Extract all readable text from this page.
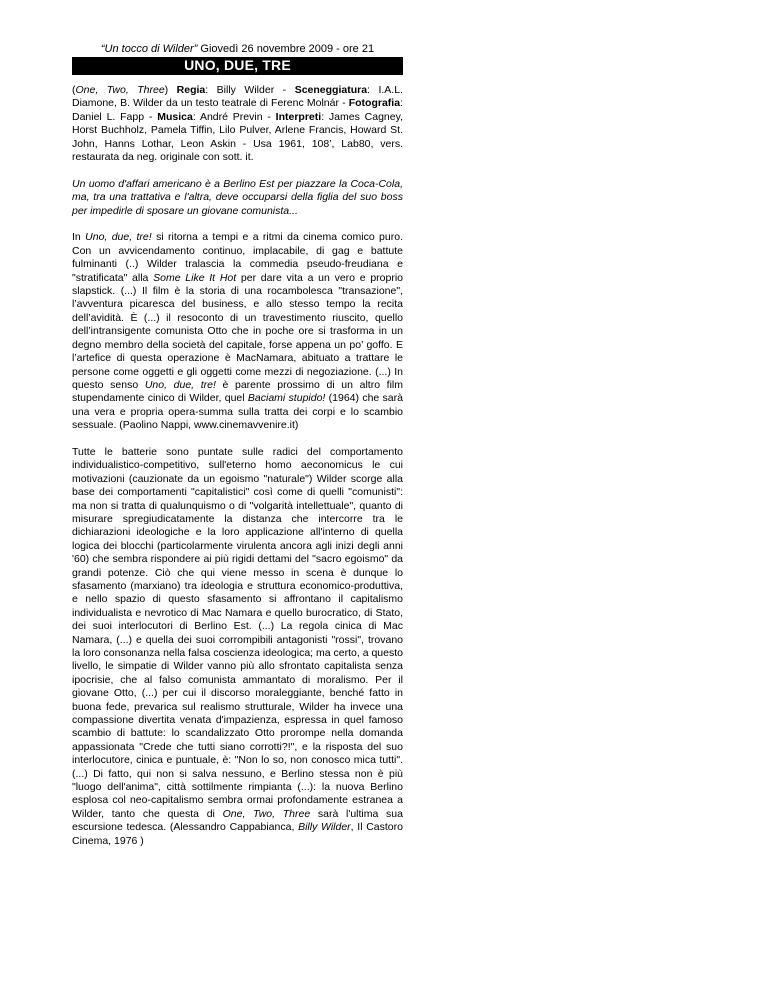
“Un tocco di Wilder” Giovedì 26 novembre 2009 - ore 21
UNO, DUE, TRE

(One, Two, Three) Regia: Billy Wilder - Sceneggiatura: I.A.L. Diamone, B. Wilder da un testo teatrale di Ferenc Molnár - Fotografia: Daniel L. Fapp - Musica: André Previn - Interpreti: James Cagney, Horst Buchholz, Pamela Tiffin, Lilo Pulver, Arlene Francis, Howard St. John, Hanns Lothar, Leon Askin - Usa 1961, 108’, Lab80, vers. restaurata da neg. originale con sott. it.

Un uomo d'affari americano è a Berlino Est per piazzare la Coca-Cola, ma, tra una trattativa e l'altra, deve occuparsi della figlia del suo boss per impedirle di sposare un giovane comunista...

In Uno, due, tre! si ritorna a tempi e a ritmi da cinema comico puro. Con un avvicendamento continuo, implacabile, di gag e battute fulminanti (..) Wilder tralascia la commedia pseudo-freudiana e "stratificata" alla Some Like It Hot per dare vita a un vero e proprio slapstick. (...) Il film è la storia di una rocambolesca "transazione", l’avventura picaresca del business, e allo stesso tempo la recita dell’avidità. È (...) il resoconto di un travestimento riuscito, quello dell’intransigente comunista Otto che in poche ore si trasforma in un degno membro della società del capitale, forse appena un po’ goffo. E l’artefice di questa operazione è MacNamara, abituato a trattare le persone come oggetti e gli oggetti come mezzi di negoziazione. (...) In questo senso Uno, due, tre! è parente prossimo di un altro film stupendamente cinico di Wilder, quel Baciami stupido! (1964) che sarà una vera e propria opera-summa sulla tratta dei corpi e lo scambio sessuale. (Paolino Nappi, www.cinemavvenire.it)

Tutte le batterie sono puntate sulle radici del comportamento individualistico-competitivo, sull'eterno homo aeconomicus le cui motivazioni (cauzionate da un egoismo "naturale") Wilder scorge alla base dei comportamenti "capitalistici" così come di quelli "comunisti": ma non si tratta di qualunquismo o di "volgarità intellettuale", quanto di misurare spregiudicatamente la distanza che intercorre tra le dichiarazioni ideologiche e la loro applicazione all'interno di quella logica dei blocchi (particolarmente virulenta ancora agli inizi degli anni '60) che sembra rispondere ai più rigidi dettami del "sacro egoismo" da grandi potenze. Ciò che qui viene messo in scena è dunque lo sfasamento (marxiano) tra ideologia e struttura economico-produttiva, e nello spazio di questo sfasamento si affrontano il capitalismo individualista e nevrotico di Mac Namara e quello burocratico, di Stato, dei suoi interlocutori di Berlino Est. (...) La regola cinica di Mac Namara, (...) e quella dei suoi corrompibili antagonisti "rossi", trovano la loro consonanza nella falsa coscienza ideologica; ma certo, a questo livello, le simpatie di Wilder vanno più allo sfrontato capitalista senza ipocrisie, che al falso comunista ammantato di moralismo. Per il giovane Otto, (...) per cui il discorso moraleggiante, benché fatto in buona fede, prevarica sul realismo strutturale, Wilder ha invece una compassione divertita venata d'impazienza, espressa in quel famoso scambio di battute: lo scandalizzato Otto prorompe nella domanda appassionata "Crede che tutti siano corrotti?!", e la risposta del suo interlocutore, cinica e puntuale, è: "Non lo so, non conosco mica tutti". (...) Di fatto, qui non si salva nessuno, e Berlino stessa non è più "luogo dell'anima", città sottilmente rimpianta (...): la nuova Berlino esplosa col neo-capitalismo sembra ormai profondamente estranea a Wilder, tanto che questa di One, Two, Three sarà l'ultima sua escursione tedesca. (Alessandro Cappabianca, Billy Wilder, Il Castoro Cinema, 1976 )
